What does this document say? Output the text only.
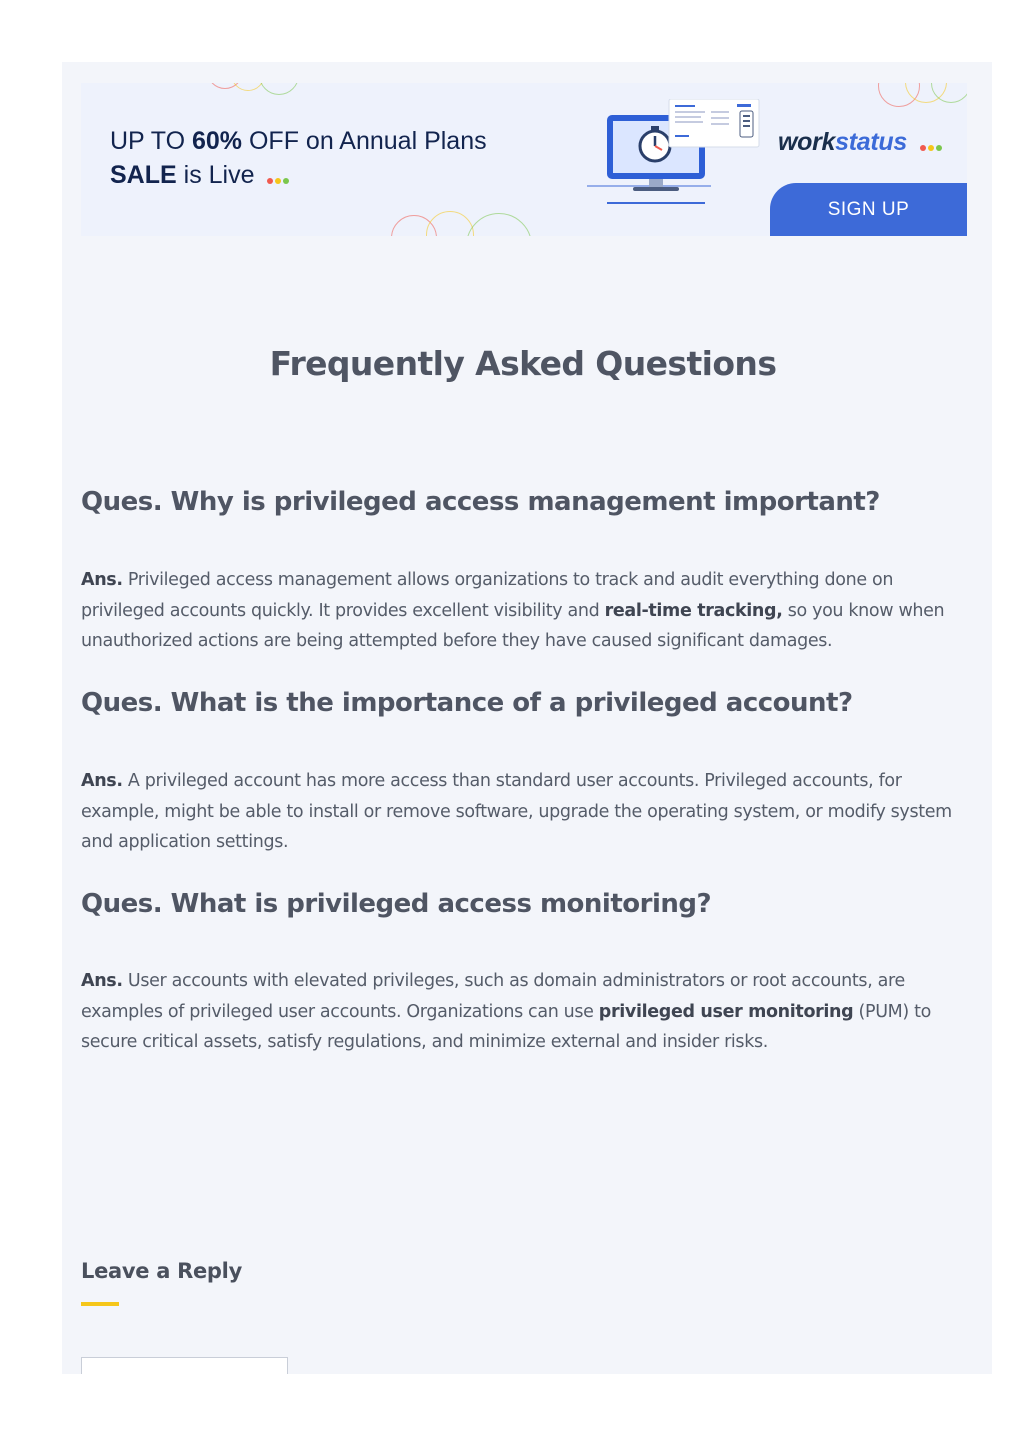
UP TO 60% OFF on Annual Plans
SALE is Live
workstatus
SIGN UP
Frequently Asked Questions
Ques. Why is privileged access management important?

Ans. Privileged access management allows organizations to track and audit everything done on privileged accounts quickly. It provides excellent visibility and real-time tracking, so you know when unauthorized actions are being attempted before they have caused significant damages.

Ques. What is the importance of a privileged account?

Ans. A privileged account has more access than standard user accounts. Privileged accounts, for example, might be able to install or remove software, upgrade the operating system, or modify system and application settings.

Ques. What is privileged access monitoring?

Ans. User accounts with elevated privileges, such as domain administrators or root accounts, are examples of privileged user accounts. Organizations can use privileged user monitoring (PUM) to secure critical assets, satisfy regulations, and minimize external and insider risks.

Leave a Reply
